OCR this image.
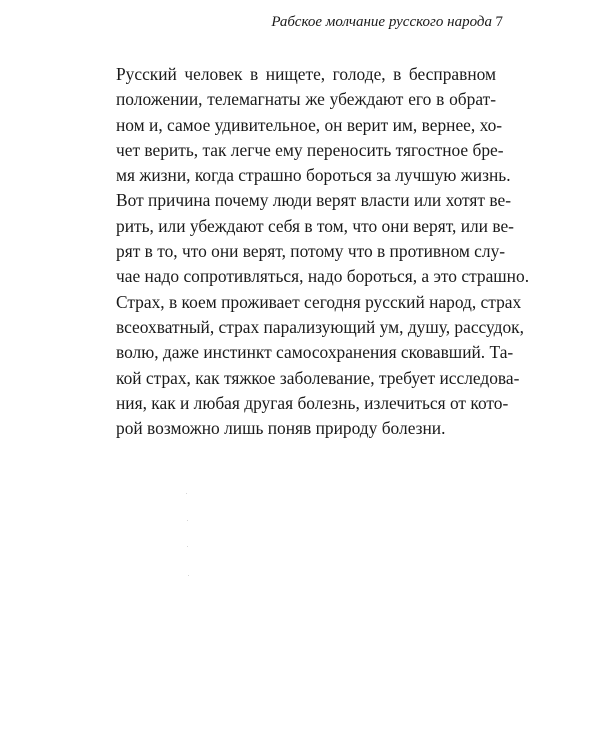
Рабское молчание русского народа 7
Русский человек в нищете, голоде, в бесправном
положении, телемагнаты же убеждают его в обрат-
ном и, самое удивительное, он верит им, вернее, хо-
чет верить, так легче ему переносить тягостное бре-
мя жизни, когда страшно бороться за лучшую жизнь.
Вот причина почему люди верят власти или хотят ве-
рить, или убеждают себя в том, что они верят, или ве-
рят в то, что они верят, потому что в противном слу-
чае надо сопротивляться, надо бороться, а это страшно.
Страх, в коем проживает сегодня русский народ, страх
всеохватный, страх парализующий ум, душу, рассудок,
волю, даже инстинкт самосохранения сковавший. Та-
кой страх, как тяжкое заболевание, требует исследова-
ния, как и любая другая болезнь, излечиться от кото-
рой возможно лишь поняв природу болезни.
